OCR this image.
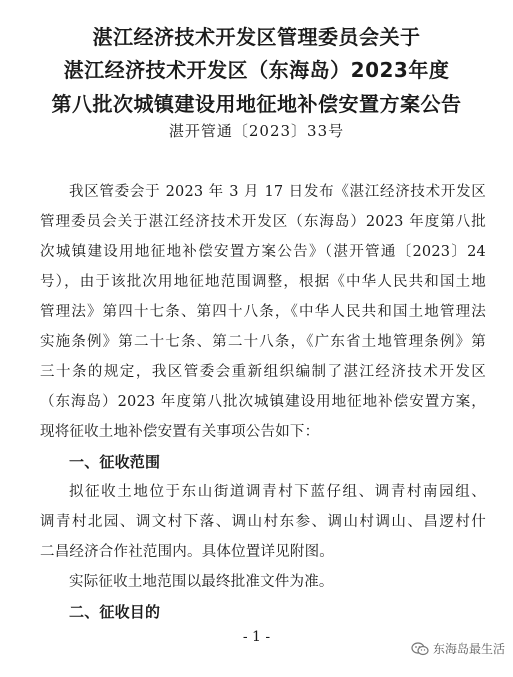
湛江经济技术开发区管理委员会关于
湛江经济技术开发区（东海岛）2023年度
第八批次城镇建设用地征地补偿安置方案公告
湛开管通〔2023〕33号
我区管委会于 2023 年 3 月 17 日发布《湛江经济技术开发区
管理委员会关于湛江经济技术开发区（东海岛）2023 年度第八批
次城镇建设用地征地补偿安置方案公告》（湛开管通〔2023〕24
号），由于该批次用地征地范围调整，根据《中华人民共和国土地
管理法》第四十七条、第四十八条，《中华人民共和国土地管理法
实施条例》第二十七条、第二十八条，《广东省土地管理条例》第
三十条的规定，我区管委会重新组织编制了湛江经济技术开发区
（东海岛）2023 年度第八批次城镇建设用地征地补偿安置方案，
现将征收土地补偿安置有关事项公告如下：
一、征收范围
拟征收土地位于东山街道调青村下蓝仔组、调青村南园组、
调青村北园、调文村下落、调山村东参、调山村调山、昌逻村什
二昌经济合作社范围内。具体位置详见附图。
实际征收土地范围以最终批准文件为准。
二、征收目的
- 1 -
东海岛最生活
